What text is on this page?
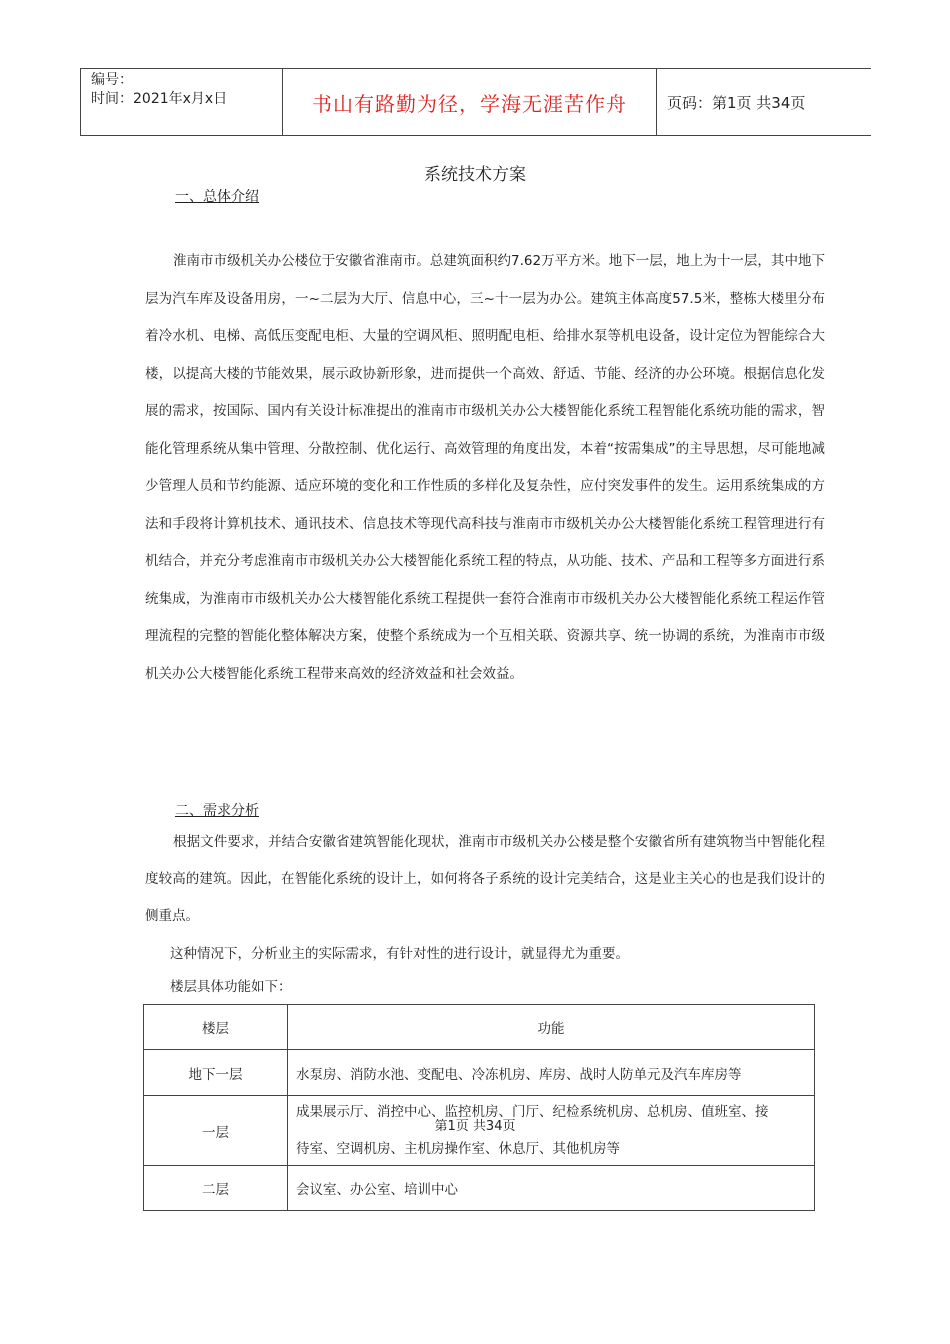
编号：
时间：2021年x月x日	书山有路勤为径，学海无涯苦作舟	页码：第1页 共34页
系统技术方案
一、总体介绍

淮南市市级机关办公楼位于安徽省淮南市。总建筑面积约7.62万平方米。地下一层，地上为十一层，其中地下层为汽车库及设备用房，一~二层为大厅、信息中心，三~十一层为办公。建筑主体高度57.5米，整栋大楼里分布着冷水机、电梯、高低压变配电柜、大量的空调风柜、照明配电柜、给排水泵等机电设备，设计定位为智能综合大楼，以提高大楼的节能效果，展示政协新形象，进而提供一个高效、舒适、节能、经济的办公环境。根据信息化发展的需求，按国际、国内有关设计标准提出的淮南市市级机关办公大楼智能化系统工程智能化系统功能的需求，智能化管理系统从集中管理、分散控制、优化运行、高效管理的角度出发，本着“按需集成”的主导思想，尽可能地减少管理人员和节约能源、适应环境的变化和工作性质的多样化及复杂性，应付突发事件的发生。运用系统集成的方法和手段将计算机技术、通讯技术、信息技术等现代高科技与淮南市市级机关办公大楼智能化系统工程管理进行有机结合，并充分考虑淮南市市级机关办公大楼智能化系统工程的特点，从功能、技术、产品和工程等多方面进行系统集成，为淮南市市级机关办公大楼智能化系统工程提供一套符合淮南市市级机关办公大楼智能化系统工程运作管理流程的完整的智能化整体解决方案，使整个系统成为一个互相关联、资源共享、统一协调的系统，为淮南市市级机关办公大楼智能化系统工程带来高效的经济效益和社会效益。

二、需求分析

根据文件要求，并结合安徽省建筑智能化现状，淮南市市级机关办公楼是整个安徽省所有建筑物当中智能化程度较高的建筑。因此，在智能化系统的设计上，如何将各子系统的设计完美结合，这是业主关心的也是我们设计的侧重点。

这种情况下，分析业主的实际需求，有针对性的进行设计，就显得尤为重要。
楼层具体功能如下：
楼层	功能
地下一层	水泵房、消防水池、变配电、冷冻机房、库房、战时人防单元及汽车库房等
一层	成果展示厅、消控中心、监控机房、门厅、纪检系统机房、总机房、值班室、接
待室、空调机房、主机房操作室、休息厅、其他机房等

二层	会议室、办公室、培训中心
第1页 共34页
